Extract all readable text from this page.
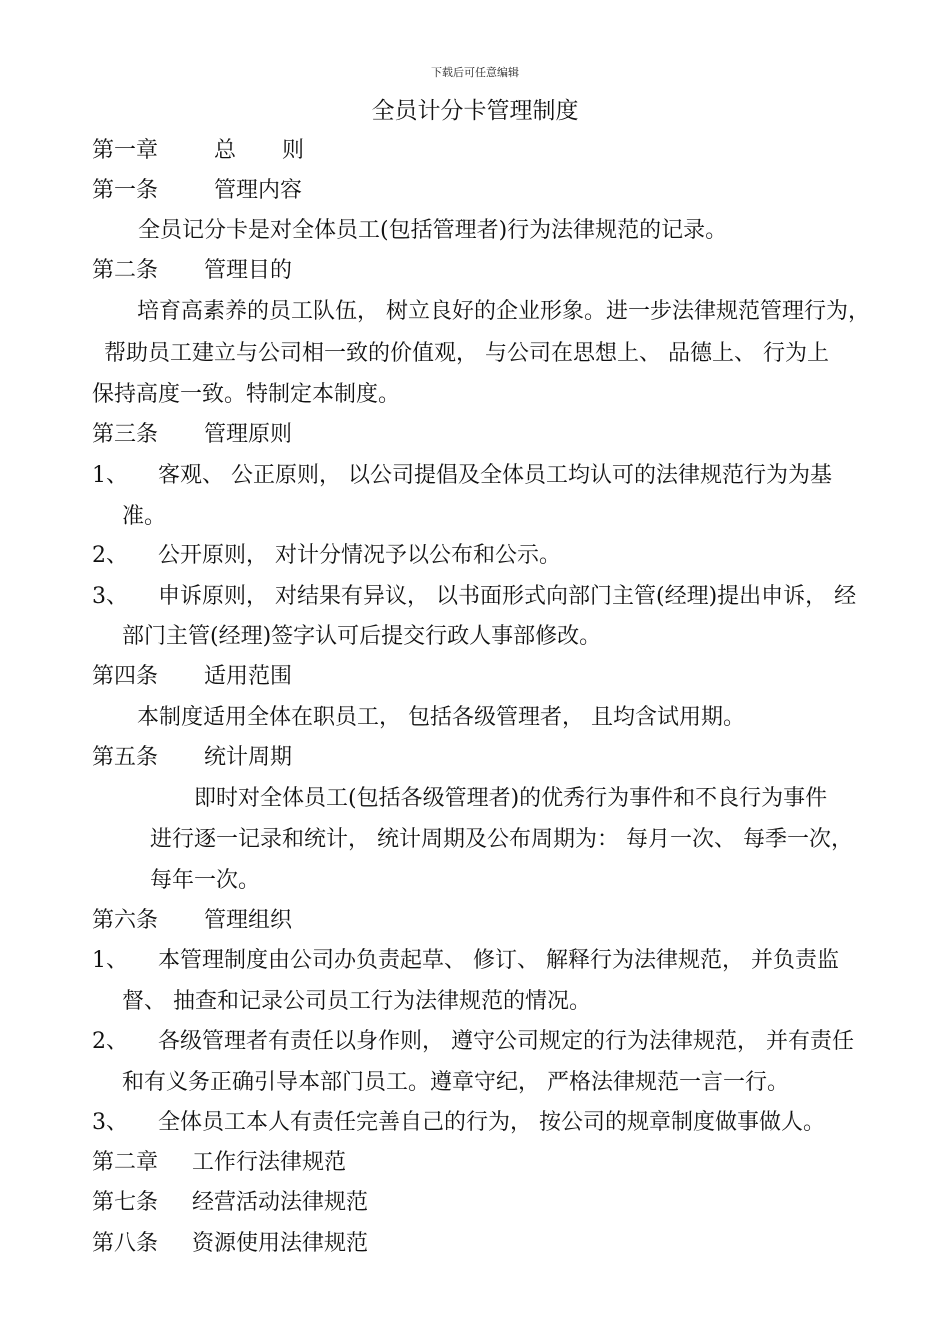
下载后可任意编辑
全员计分卡管理制度
第一章	总 则
第一条	管理内容
全员记分卡是对全体员工(包括管理者)行为法律规范的记录。
第二条 管理目的
培育高素养的员工队伍， 树立良好的企业形象。进一步法律规范管理行为，
帮助员工建立与公司相一致的价值观， 与公司在思想上、 品德上、 行为上
保持高度一致。特制定本制度。
第三条 管理原则
1、 客观、 公正原则， 以公司提倡及全体员工均认可的法律规范行为为基
准。
2、 公开原则， 对计分情况予以公布和公示。
3、 申诉原则， 对结果有异议， 以书面形式向部门主管(经理)提出申诉， 经
部门主管(经理)签字认可后提交行政人事部修改。
第四条 适用范围
本制度适用全体在职员工， 包括各级管理者， 且均含试用期。
第五条 统计周期
即时对全体员工(包括各级管理者)的优秀行为事件和不良行为事件
进行逐一记录和统计， 统计周期及公布周期为： 每月一次、 每季一次，
每年一次。
第六条 管理组织
1、 本管理制度由公司办负责起草、 修订、 解释行为法律规范， 并负责监
督、 抽查和记录公司员工行为法律规范的情况。
2、 各级管理者有责任以身作则， 遵守公司规定的行为法律规范， 并有责任
和有义务正确引导本部门员工。遵章守纪， 严格法律规范一言一行。
3、 全体员工本人有责任完善自己的行为， 按公司的规章制度做事做人。
第二章 工作行法律规范
第七条 经营活动法律规范
第八条 资源使用法律规范
